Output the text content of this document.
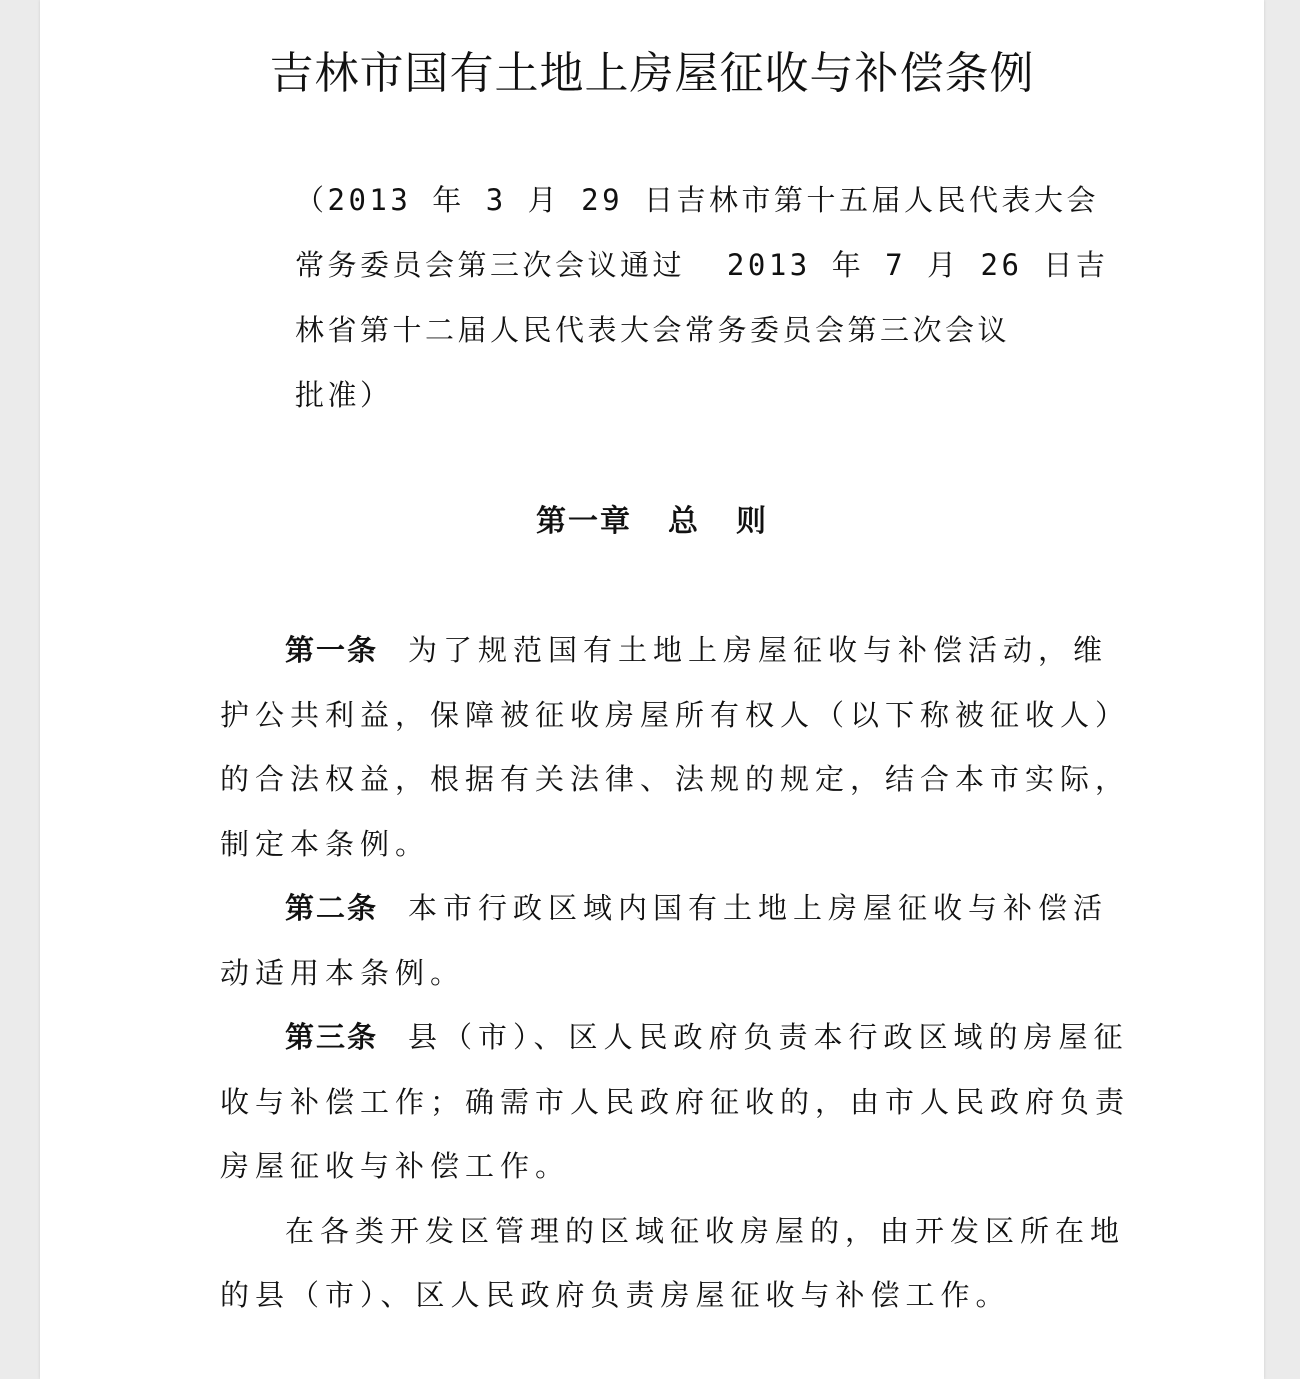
吉林市国有土地上房屋征收与补偿条例
（2013 年 3 月 29 日吉林市第十五届人民代表大会
常务委员会第三次会议通过  2013 年 7 月 26 日吉
林省第十二届人民代表大会常务委员会第三次会议
批准）
第一章 总 则
第一条 为了规范国有土地上房屋征收与补偿活动，维
护公共利益，保障被征收房屋所有权人（以下称被征收人）
的合法权益，根据有关法律、法规的规定，结合本市实际，
制定本条例。
第二条 本市行政区域内国有土地上房屋征收与补偿活
动适用本条例。
第三条 县（市）、区人民政府负责本行政区域的房屋征
收与补偿工作；确需市人民政府征收的，由市人民政府负责
房屋征收与补偿工作。
在各类开发区管理的区域征收房屋的，由开发区所在地
的县（市）、区人民政府负责房屋征收与补偿工作。
